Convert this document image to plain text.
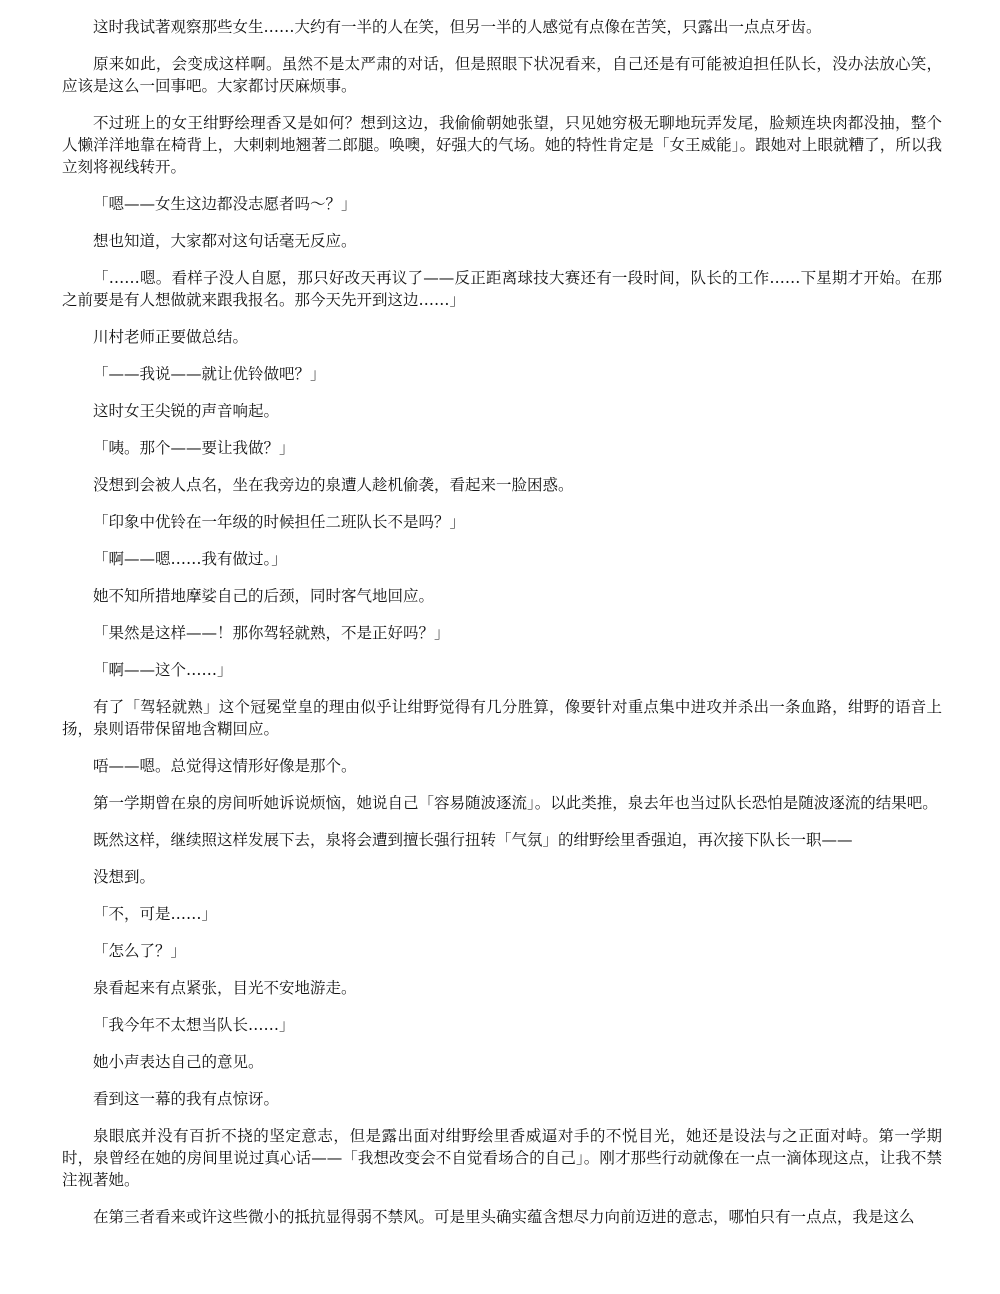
这时我试著观察那些女生……大约有一半的人在笑，但另一半的人感觉有点像在苦笑，只露出一点点牙齿。

原来如此，会变成这样啊。虽然不是太严肃的对话，但是照眼下状况看来，自己还是有可能被迫担任队长，没办法放心笑，应该是这么一回事吧。大家都讨厌麻烦事。

不过班上的女王绀野绘理香又是如何？想到这边，我偷偷朝她张望，只见她穷极无聊地玩弄发尾，脸颊连块肉都没抽，整个人懒洋洋地靠在椅背上，大剌剌地翘著二郎腿。唤噢，好强大的气场。她的特性肯定是「女王威能」。跟她对上眼就糟了，所以我立刻将视线转开。

「嗯——女生这边都没志愿者吗～？」

想也知道，大家都对这句话毫无反应。

「……嗯。看样子没人自愿，那只好改天再议了——反正距离球技大赛还有一段时间，队长的工作……下星期才开始。在那之前要是有人想做就来跟我报名。那今天先开到这边……」

川村老师正要做总结。

「——我说——就让优铃做吧？」

这时女王尖锐的声音响起。

「咦。那个——要让我做？」

没想到会被人点名，坐在我旁边的泉遭人趁机偷袭，看起来一脸困惑。

「印象中优铃在一年级的时候担任二班队长不是吗？」

「啊——嗯……我有做过。」

她不知所措地摩娑自己的后颈，同时客气地回应。

「果然是这样——！那你驾轻就熟，不是正好吗？」

「啊——这个……」

有了「驾轻就熟」这个冠冕堂皇的理由似乎让绀野觉得有几分胜算，像要针对重点集中进攻并杀出一条血路，绀野的语音上扬，泉则语带保留地含糊回应。

唔——嗯。总觉得这情形好像是那个。

第一学期曾在泉的房间听她诉说烦恼，她说自己「容易随波逐流」。以此类推，泉去年也当过队长恐怕是随波逐流的结果吧。

既然这样，继续照这样发展下去，泉将会遭到擅长强行扭转「气氛」的绀野绘里香强迫，再次接下队长一职——

没想到。

「不，可是……」

「怎么了？」

泉看起来有点紧张，目光不安地游走。

「我今年不太想当队长……」

她小声表达自己的意见。

看到这一幕的我有点惊讶。

泉眼底并没有百折不挠的坚定意志，但是露出面对绀野绘里香威逼对手的不悦目光，她还是设法与之正面对峙。第一学期时，泉曾经在她的房间里说过真心话——「我想改变会不自觉看场合的自己」。刚才那些行动就像在一点一滴体现这点，让我不禁注视著她。

在第三者看来或许这些微小的抵抗显得弱不禁风。可是里头确实蕴含想尽力向前迈进的意志，哪怕只有一点点，我是这么
